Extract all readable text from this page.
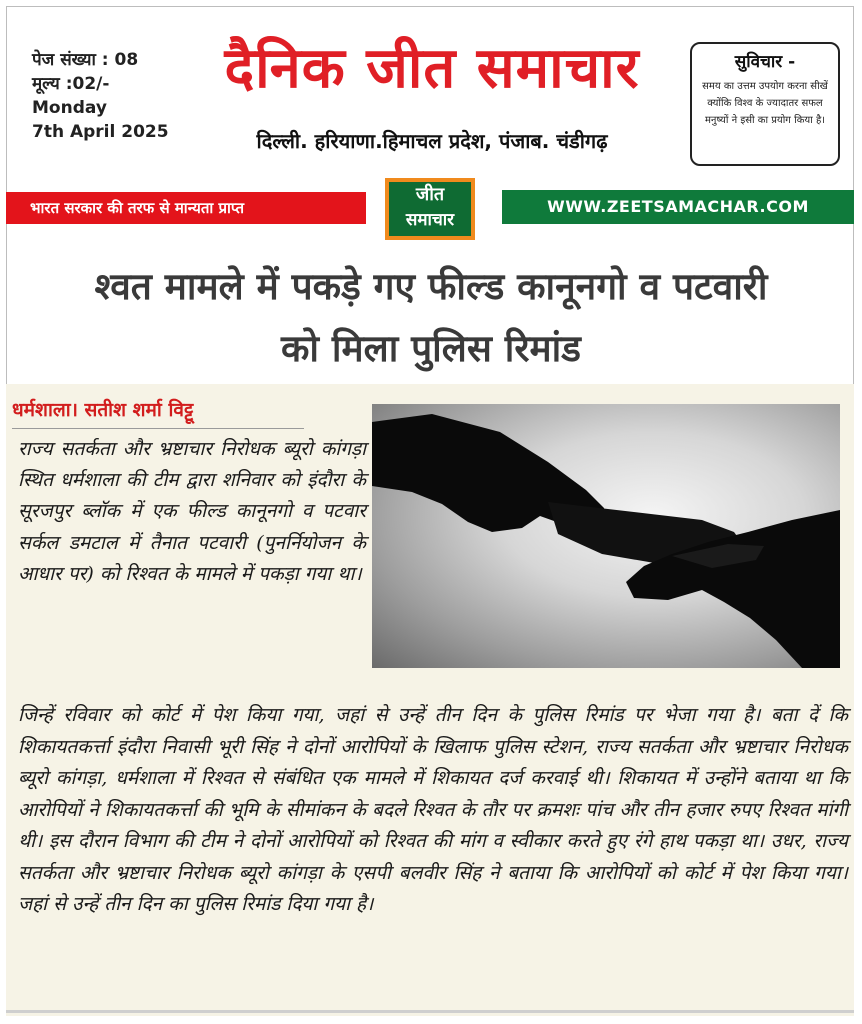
पेज संख्या : 08
मूल्य :02/-
Monday
7th April 2025
दैनिक जीत समाचार
दिल्ली. हरियाणा.हिमाचल प्रदेश, पंजाब. चंडीगढ़
सुविचार -
समय का उत्तम उपयोग करना सीखें क्योंकि विश्व के ज्यादातर सफल मनुष्यों ने इसी का प्रयोग किया है।
भारत सरकार की तरफ से मान्यता प्राप्त
जीत
समाचार
WWW.ZEETSAMACHAR.COM
श्वत मामले में पकड़े गए फील्ड कानूनगो व पटवारी
को मिला पुलिस रिमांड
धर्मशाला। सतीश शर्मा विट्टू
राज्य सतर्कता और भ्रष्टाचार निरोधक ब्यूरो कांगड़ा स्थित धर्मशाला की टीम द्वारा शनिवार को इंदौरा के सूरजपुर ब्लॉक में एक फील्ड कानूनगो व पटवार सर्कल डमटाल में तैनात पटवारी (पुनर्नियोजन के आधार पर) को रिश्वत के मामले में पकड़ा गया था।
जिन्हें रविवार को कोर्ट में पेश किया गया, जहां से उन्हें तीन दिन के पुलिस रिमांड पर भेजा गया है। बता दें कि शिकायतकर्त्ता इंदौरा निवासी भूरी सिंह ने दोनों आरोपियों के खिलाफ पुलिस स्टेशन, राज्य सतर्कता और भ्रष्टाचार निरोधक ब्यूरो कांगड़ा, धर्मशाला में रिश्वत से संबंधित एक मामले में शिकायत दर्ज करवाई थी। शिकायत में उन्होंने बताया था कि आरोपियों ने शिकायतकर्त्ता की भूमि के सीमांकन के बदले रिश्वत के तौर पर क्रमशः पांच और तीन हजार रुपए रिश्वत मांगी थी। इस दौरान विभाग की टीम ने दोनों आरोपियों को रिश्वत की मांग व स्वीकार करते हुए रंगे हाथ पकड़ा था। उधर, राज्य सतर्कता और भ्रष्टाचार निरोधक ब्यूरो कांगड़ा के एसपी बलवीर सिंह ने बताया कि आरोपियों को कोर्ट में पेश किया गया। जहां से उन्हें तीन दिन का पुलिस रिमांड दिया गया है।
